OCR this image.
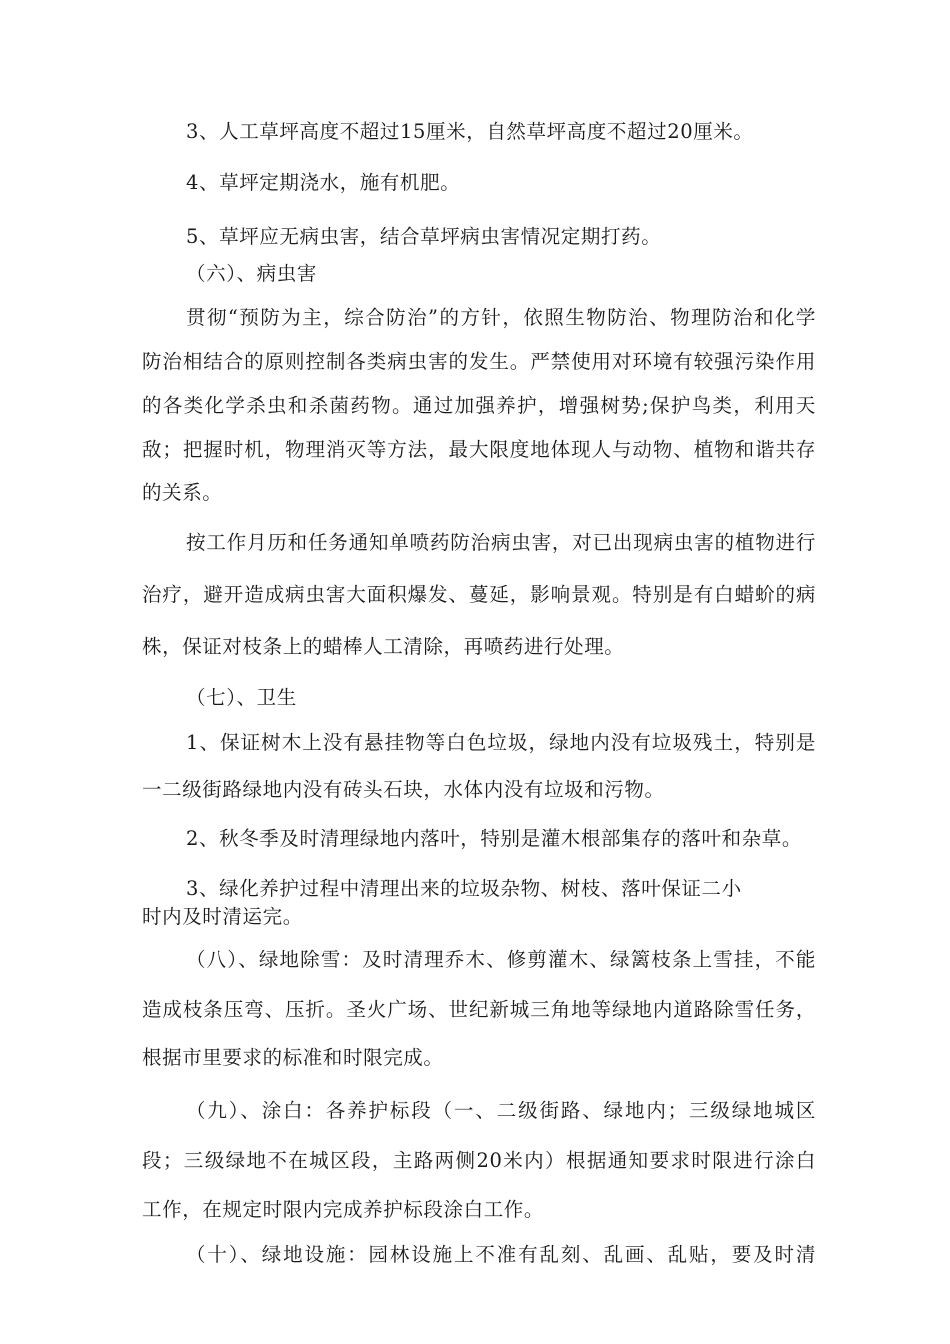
3、人工草坪高度不超过15厘米，自然草坪高度不超过20厘米。
4、草坪定期浇水，施有机肥。
5、草坪应无病虫害，结合草坪病虫害情况定期打药。
（六）、病虫害
贯彻“预防为主，综合防治”的方针，依照生物防治、物理防治和化学
防治相结合的原则控制各类病虫害的发生。严禁使用对环境有较强污染作用
的各类化学杀虫和杀菌药物。通过加强养护，增强树势;保护鸟类，利用天
敌；把握时机，物理消灭等方法，最大限度地体现人与动物、植物和谐共存
的关系。
按工作月历和任务通知单喷药防治病虫害，对已出现病虫害的植物进行
治疗，避开造成病虫害大面积爆发、蔓延，影响景观。特别是有白蜡蚧的病
株，保证对枝条上的蜡棒人工清除，再喷药进行处理。
（七）、卫生
1、保证树木上没有悬挂物等白色垃圾，绿地内没有垃圾残土，特别是
一二级街路绿地内没有砖头石块，水体内没有垃圾和污物。
2、秋冬季及时清理绿地内落叶，特别是灌木根部集存的落叶和杂草。
3、绿化养护过程中清理出来的垃圾杂物、树枝、落叶保证二小
时内及时清运完。
（八）、绿地除雪：及时清理乔木、修剪灌木、绿篱枝条上雪挂，不能
造成枝条压弯、压折。圣火广场、世纪新城三角地等绿地内道路除雪任务，
根据市里要求的标准和时限完成。
（九）、涂白：各养护标段（一、二级街路、绿地内；三级绿地城区
段；三级绿地不在城区段，主路两侧20米内）根据通知要求时限进行涂白
工作，在规定时限内完成养护标段涂白工作。
（十）、绿地设施：园林设施上不准有乱刻、乱画、乱贴，要及时清
